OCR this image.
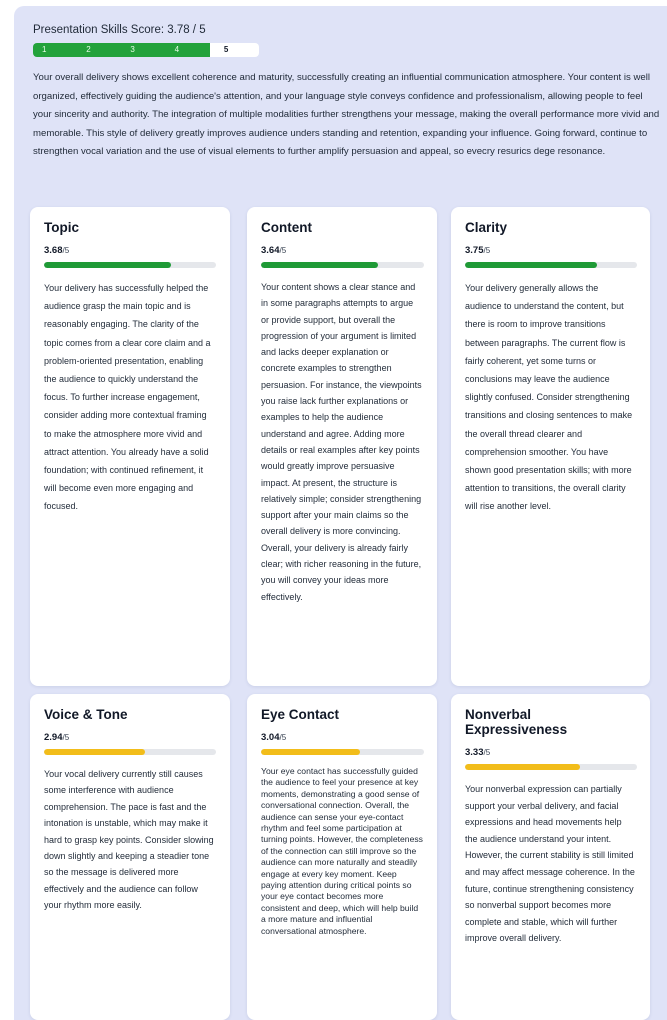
Presentation Skills Score: 3.78 / 5
1	2	3	4	5
Your overall delivery shows excellent coherence and maturity, successfully creating an influential communication atmosphere. Your content is well organized, effectively guiding the audience's attention, and your language style conveys confidence and professionalism, allowing people to feel your sincerity and authority. The integration of multiple modalities further strengthens your message, making the overall performance more vivid and memorable. This style of delivery greatly improves audience unders standing and retention, expanding your influence. Going forward, continue to strengthen vocal variation and the use of visual elements to further amplify persuasion and appeal, so evecry resurics dege resonance.
Topic
3.68/5
Your delivery has successfully helped the audience grasp the main topic and is reasonably engaging. The clarity of the topic comes from a clear core claim and a problem-oriented presentation, enabling the audience to quickly understand the focus. To further increase engagement, consider adding more contextual framing to make the atmosphere more vivid and attract attention. You already have a solid foundation; with continued refinement, it will become even more engaging and focused.
Content
3.64/5
Your content shows a clear stance and in some paragraphs attempts to argue or provide support, but overall the progression of your argument is limited and lacks deeper explanation or concrete examples to strengthen persuasion. For instance, the viewpoints you raise lack further explanations or examples to help the audience understand and agree. Adding more details or real examples after key points would greatly improve persuasive impact. At present, the structure is relatively simple; consider strengthening support after your main claims so the overall delivery is more convincing. Overall, your delivery is already fairly clear; with richer reasoning in the future, you will convey your ideas more effectively.
Clarity
3.75/5
Your delivery generally allows the audience to understand the content, but there is room to improve transitions between paragraphs. The current flow is fairly coherent, yet some turns or conclusions may leave the audience slightly confused. Consider strengthening transitions and closing sentences to make the overall thread clearer and comprehension smoother. You have shown good presentation skills; with more attention to transitions, the overall clarity will rise another level.
Voice & Tone
2.94/5
Your vocal delivery currently still causes some interference with audience comprehension. The pace is fast and the intonation is unstable, which may make it hard to grasp key points. Consider slowing down slightly and keeping a steadier tone so the message is delivered more effectively and the audience can follow your rhythm more easily.
Eye Contact
3.04/5
Your eye contact has successfully guided the audience to feel your presence at key moments, demonstrating a good sense of conversational connection. Overall, the audience can sense your eye-contact rhythm and feel some participation at turning points. However, the completeness of the connection can still improve so the audience can more naturally and steadily engage at every key moment. Keep paying attention during critical points so your eye contact becomes more consistent and deep, which will help build a more mature and influential conversational atmosphere.
Nonverbal Expressiveness
3.33/5
Your nonverbal expression can partially support your verbal delivery, and facial expressions and head movements help the audience understand your intent. However, the current stability is still limited and may affect message coherence. In the future, continue strengthening consistency so nonverbal support becomes more complete and stable, which will further improve overall delivery.
